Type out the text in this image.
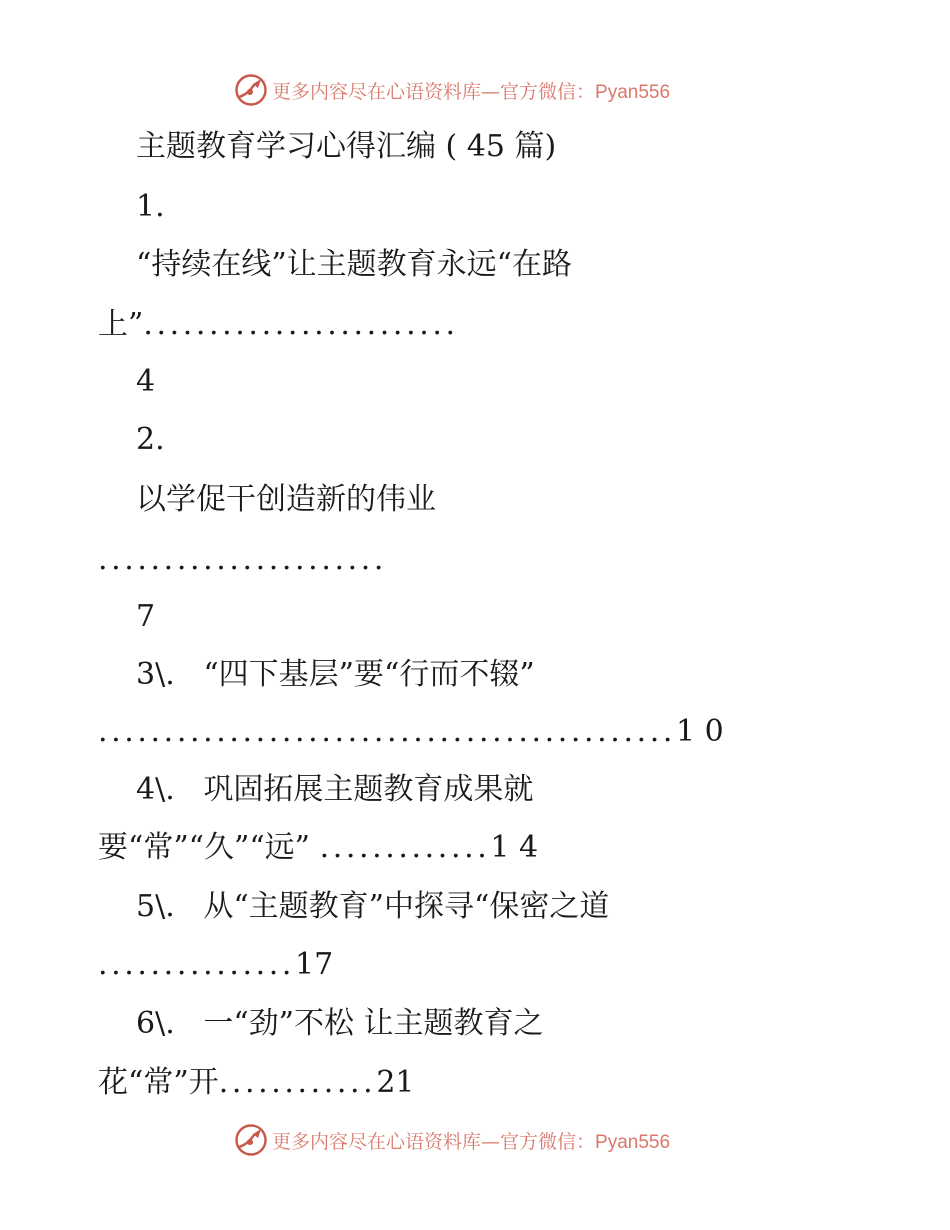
更多内容尽在心语资料库—官方微信：Pyan556
主题教育学习心得汇编 ( 45 篇)
1.
“持续在线”让主题教育永远“在路
上”........................
4
2.
以学促干创造新的伟业
......................
7
3\. “四下基层”要“行而不辍”
............................................1 0
4\. 巩固拓展主题教育成果就
要“常”“久”“远” .............1 4
5\. 从“主题教育”中探寻“保密之道
...............17
6\. 一“劲”不松 让主题教育之
花“常”开............21
更多内容尽在心语资料库—官方微信：Pyan556
